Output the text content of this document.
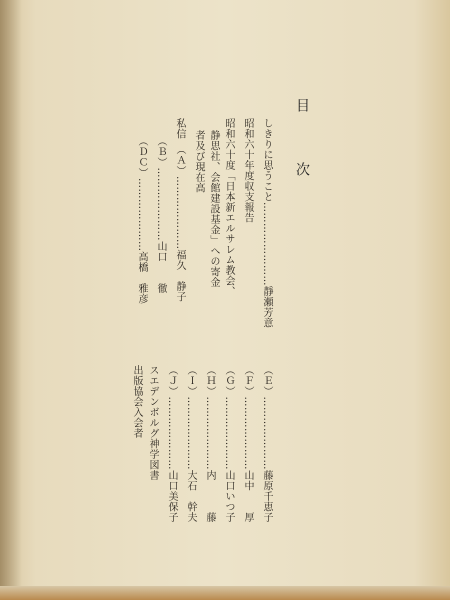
目　次
しきりに思うこと……………………靜瀬芳意
昭和六十年度収支報告
昭和六十度「日本新エルサレム教会、
静思社、会館建設基金」への寄金
者及び現在高
私信　（Ａ）…………………福久　静子
（Ｂ）…………………山口　　徹
（ＤＣ）…………………高橋　雅彦
（Ｅ）…………………藤原千恵子
（Ｆ）…………………山中　　厚
（Ｇ）…………………山口いつ子
（Ｈ）…………………内　　　藤
（Ｉ）…………………大石　幹夫
（Ｊ）…………………山口美保子
スエデンボルグ神学図書
出版協会入会者
